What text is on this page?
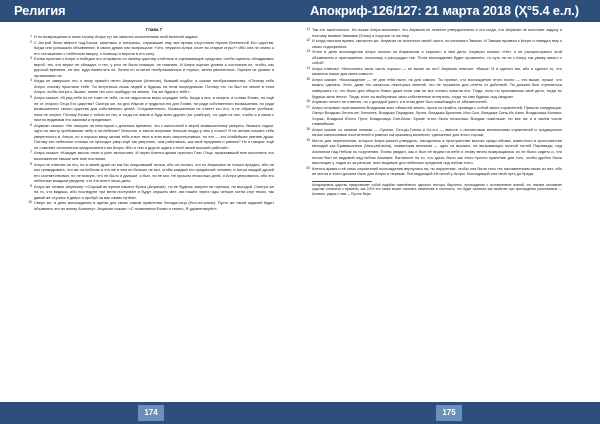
Религия
Глава 7
1 И по возвращении в свою страну Ангра тут же занялся исполнением этой велений задачи.
2 С Ангрой были вместе под-Богом, капитаны и генералы, служившие ему все время отсутствия героев Вселенной Его царства. Когда они услышали объявление, в своих думах они вопрошали: «Что, неужели Ангра хочет во старые игры?» Ибо они не знали о его соглашении с небесным вверху, о помощи и верили в его силу.
3 Ехови прислал к Ангре и победил его отправить по своему царству отчётные и оценивающие средства, чтобы оценить обладаемых верой, тех, кто верил не обладал, и тех, у кого не было никакую, не нижнюю. И Ангра оценил уровни и состояния их, чтобы, как дорогой времени, он мог, куда поместить их. Затем он отчитал необразованных и глупых, затем увлеченных. Оценил их уровни и организовал их.
4 Когда он завершил это, к нему пришёл нечто Анумуссан (Ангелов), бывший подБог, а сказал необразованному: «Почему тебе Ангра, почему прислали тебе: Ты встретишь лишь людей и будешь на этом посредником. Потому что ты был на земле в этом Ангра, чтобы Ангра и Эшаке, затем тех кого прибудут на землю, Так же будем к тебе».
5 Ангра сказал: «В ряд тебе из не тоже не тебе, но на недостаток веры осуждаю тебя. Когда я вся, и смерти, и сонмы Ехови, ты ещё не от старого Отца Его царства? Смотри же, во дни Изусов и трудился ею для Ехови, ни ради собственного возвышения, но ради возвышенных своего царства для собственных целей. Следовательно, Возвышенным не станет кто его, я не обратит учебные, пока не сгорел. Потому Ехови с тобою из тех, и тогда на земле и будь всех других (по. разборе), ты один из них, чтобы я и наши с ним по видимым его законам и пределам».
6 Анумсан сказал: «Не говорил ли некоторые с длинных времени, что с милостией и верой возвышенному умереть, бывших ходом, одно по месту пребывании небу а на небесах? Исполни, и ежели исправит больше неуда у чем у плохо? Я не желаю лишать тебя уверенность в, Ангра, но я хорошо вижу желая тебя и все твое в этих всех сверхтерпимых, но это — это слабейшее умение души. Потому эти небесные сплошь не проходит умер ещё так уверенно, чем работаешь, как своё предание и рвение? Но я говорю: ещё он ставляет исполнения предписанного им Ангра. Ибо и тем и другое ждать к этой своей высшей работой».
7 Ангра сказал: «Каждую мысль твою я учел милостиво. И через Клента-армия прислал Глас Отца, приказавший мне исполнить это возложенное свыше мне мое послание,
8 Ангра не ответил на это, но в своей душе он как бы оседлавший тягачи, ибо он считал, что по Анумсана не только предать, ибо не мог прикидывать, что же на небесах и что же в чем он больше не мог, чтобы каждый его преданный человек, и Ангра каждой душой его соответствовал, но не всякую, что не было и дальше, а был, но не мог. Не прошло несколько дней, и Ангра уверовался, ибо его небесные владыки увидели, что это всего лишь дело.
9 Ангра же позвал Анумсану: «Слушай во время нашего Фрага (Анумсан), ты не будешь запуган ни горечью, ни выгодой. Смотри же на то, что видишь, ибо последуют три меня поступают и будут слушать мне, им нашёл через годы четыре сотни слуг твоих, так давай же стучись в дверь и пробуй на вас самих путём».
10 Сверх же, в день восхождения в одном для своих самом правлении Хенода-отца (Hon-od-wacto). Пусть же такой задачей будет объявлять это по всему Ахинону». Анумсан сказал: «С позволения Ехови и твоего, Я удовлетворён».
174
Апокриф-126/127: 21 марта 2018 (Ҳ°5.4 е.л.)
11 Так это закончилось. Но позже Ангра вспомнил, что Анумсан не ответил утвердительно и что когда, что Анумсан не исполнит задачу и поэтому вызвал Эвазами (Злом) и поручил то же ему.
12 И когда настала время, смотрите же, Анумсан не исполнил своей части, но исполнил Эвазан. И Эвазан призвал к Ангре и поведал ему о своих подозрениях.
13 Угоне в день восхождения Ангра послал за Анумсаном и спросил, в чём дело. Анумсан сказал: «Нет, я не распространил этой объявления и приглашение, поскольку я рассуждал так: "Если восхождение будет провалено, то чуть ли не к Ангру так увижу никого с собой".
14 Ангра отвечал: «Исполнять свою часть хорошо — не выше ли это? Анумсан отвечал: «Выше. И я сделал так, ибо я сделал то, что казалось выше для меня самого».
15 Ангра сказал: «Восхождение — не для тебя ныне, но для самого. Ты принял, что восхождение этого плато — это выше, лучше, что можно сделать. Хотя, даже это казалось некоторых мнений, это не отражено для отчёта от действий. Ты должен был стремиться совершить то, что было для общего блага, даже если сам не мог понять смысла его. Тогда, если ты принимаешь своё дело, тогда ты будешь жить вечно. Тогда, если ты выбираешь свои собственные интересы, тогда ты сам будешь под сводом».
16 Анумсан ничего не ответил, но с досадой ушёл, и в этом деле был освобождён от обязанностей.
17 Ангра отправил приглашения Владыкам всех областей земли, прося их прийти, приведя с собой своих служителей. Пришли следующие: Оанул Владыко Хенон-ие; Хенолла, Владыка Парадиза; Лутеи, Владыка Бриеони; Ихо-Сын, Владыка Синь-Ис Азия; Владычица Коханы; Хораж, Владыка Ю́гого Пути; Владычица Син-Воли. Кроме этого было несколько Владык поменьше, но все же и в своём числе главнейшие.
18 Ангра сказал со своими полями — Оуисан, Сен-ди-Гоном и Хо-а-э — вместе с пятьюстами миллионами служителей и традиционно пятью миллионами посетителей и равных им красавиц вознесли, сделанных для этого случая.
19 Место для перенесения, которое Ангра решил утвердить, находилось в пространстве высоко среди облака, известного в пространстве мелодий как Бравашалека (Vara-pishacha), названным вечными — одно из высших, на вызывающих ночной гостей Пирамиды, над Ахиноном над Небом по поручению. Ехови увидел, как и был её видна на небе и этому вечно возвращалась из не было сидеть и, что потом был не видимой над небом Ахинана. Взгляните на то, что здесь было как этого просто хранение для того, чтобы удобно были мыслящие у лодки из за раньше, всех видимое для небесных пределов под небом этого.
20 Клента-армия и её семь служителей восхождения вернулись на, по поручению, чтобы она была тихо тех наставлением своих из них, ибо не могли и этого должна быть для Ангры и первым. Последующей ей силой у Ангры. Восходящий она свой путь до бреда.
Апокрифовые царство представляет собой подобие изменённого царского сектора. Вероятно, прохождение с составлением знаний, что нижние основание царства относится к времени, как 0,5% это также может означать изменения в плотность, что будет казаться как свойство при прохождении расслаковые — Ахиноне, рядом с ним — Пустое Вера.
175
